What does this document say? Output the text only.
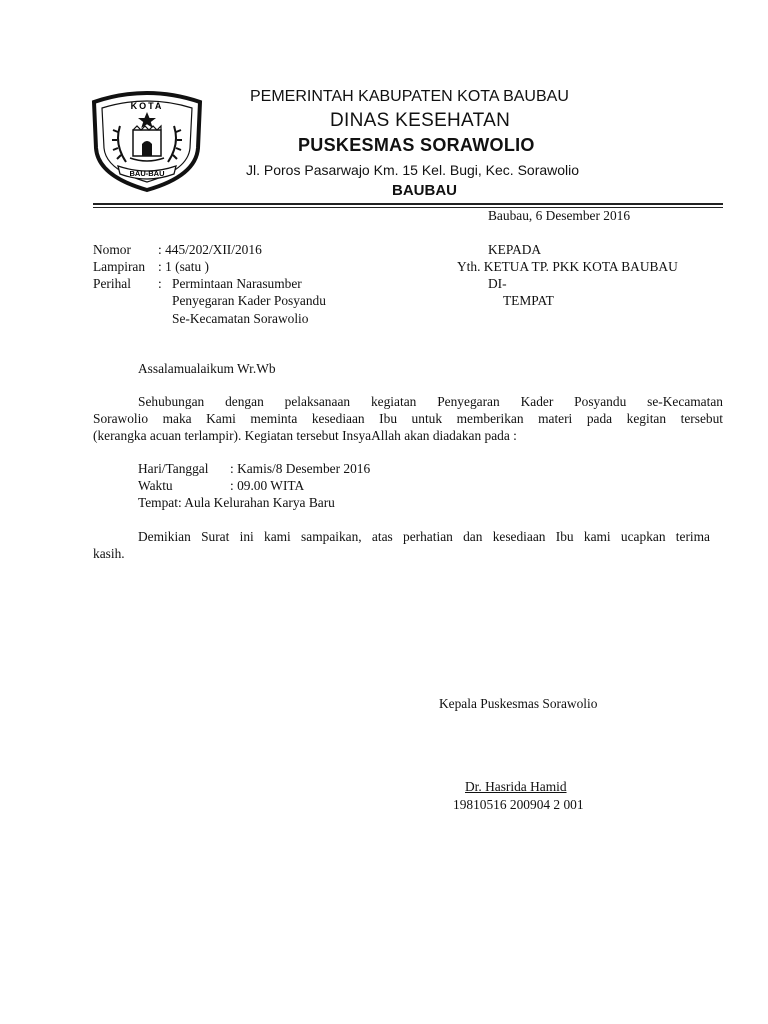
KOTA
BAU-BAU
PEMERINTAH KABUPATEN KOTA BAUBAU
DINAS KESEHATAN
PUSKESMAS SORAWOLIO
Jl. Poros Pasarwajo Km. 15 Kel. Bugi, Kec. Sorawolio
BAUBAU
Baubau, 6 Desember 2016
Nomor : 445/202/XII/2016
Lampiran : 1 (satu )
Perihal : Permintaan Narasumber
Penyegaran Kader Posyandu
Se-Kecamatan Sorawolio
KEPADA
Yth. KETUA TP. PKK KOTA BAUBAU
DI-
TEMPAT
Assalamualaikum Wr.Wb
Sehubungan dengan pelaksanaan kegiatan Penyegaran Kader Posyandu se-Kecamatan
Sorawolio maka Kami meminta kesediaan Ibu untuk memberikan materi pada kegitan tersebut
(kerangka acuan terlampir). Kegiatan tersebut InsyaAllah akan diadakan pada :
Hari/Tanggal : Kamis/8 Desember 2016
Waktu	: 09.00 WITA
Tempat: Aula Kelurahan Karya Baru
Demikian Surat ini kami sampaikan, atas perhatian dan kesediaan Ibu kami ucapkan terima
kasih.
Kepala Puskesmas Sorawolio
Dr. Hasrida Hamid
19810516 200904 2 001
